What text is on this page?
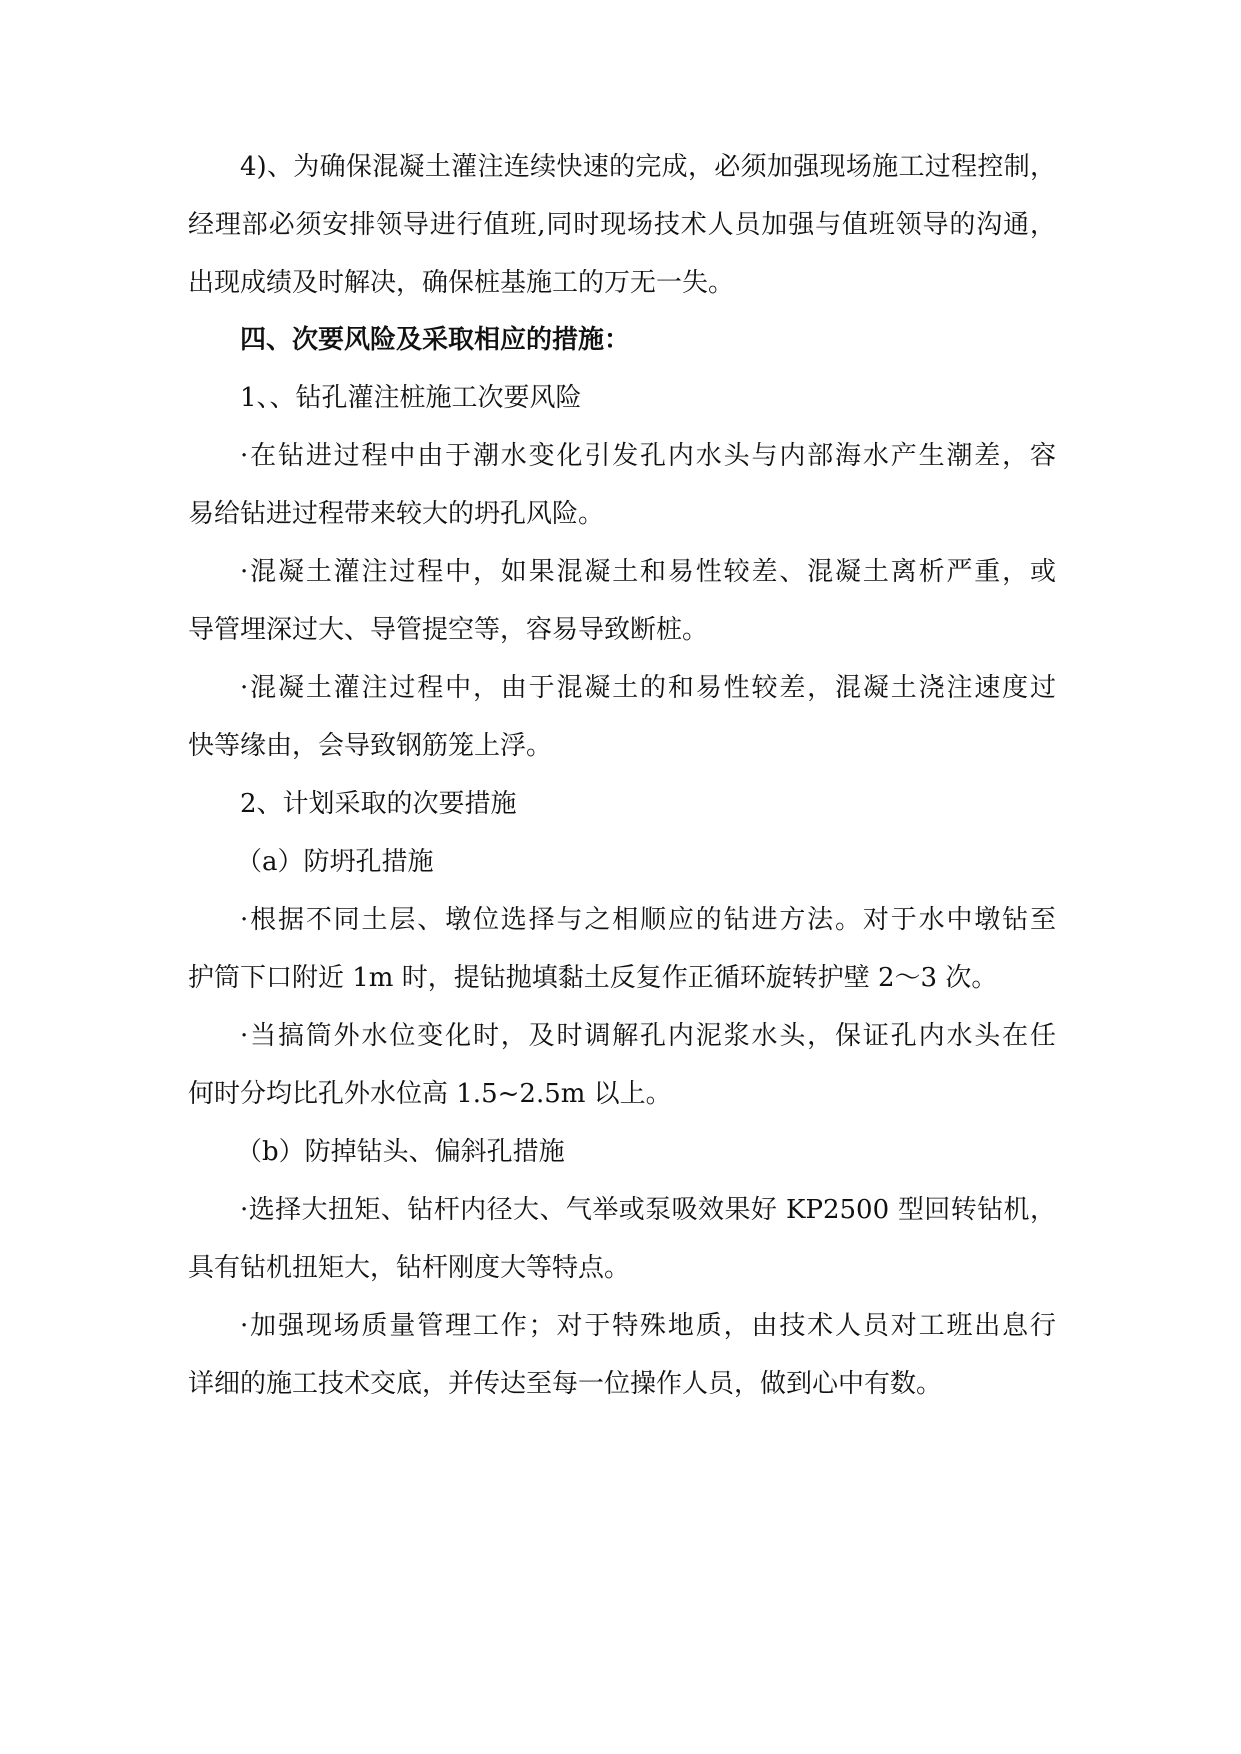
4)、为确保混凝土灌注连续快速的完成，必须加强现场施工过程控制，
经理部必须安排领导进行值班,同时现场技术人员加强与值班领导的沟通，
出现成绩及时解决，确保桩基施工的万无一失。
四、次要风险及采取相应的措施：
1、、钻孔灌注桩施工次要风险
·在钻进过程中由于潮水变化引发孔内水头与内部海水产生潮差，容
易给钻进过程带来较大的坍孔风险。
·混凝土灌注过程中，如果混凝土和易性较差、混凝土离析严重，或
导管埋深过大、导管提空等，容易导致断桩。
·混凝土灌注过程中，由于混凝土的和易性较差，混凝土浇注速度过
快等缘由，会导致钢筋笼上浮。
2、计划采取的次要措施
（a）防坍孔措施
·根据不同土层、墩位选择与之相顺应的钻进方法。对于水中墩钻至
护筒下口附近 1m 时，提钻抛填黏土反复作正循环旋转护壁 2～3 次。
·当搞筒外水位变化时，及时调解孔内泥浆水头，保证孔内水头在任
何时分均比孔外水位高 1.5~2.5m 以上。
（b）防掉钻头、偏斜孔措施
·选择大扭矩、钻杆内径大、气举或泵吸效果好 KP2500 型回转钻机，
具有钻机扭矩大，钻杆刚度大等特点。
·加强现场质量管理工作；对于特殊地质，由技术人员对工班出息行
详细的施工技术交底，并传达至每一位操作人员，做到心中有数。
